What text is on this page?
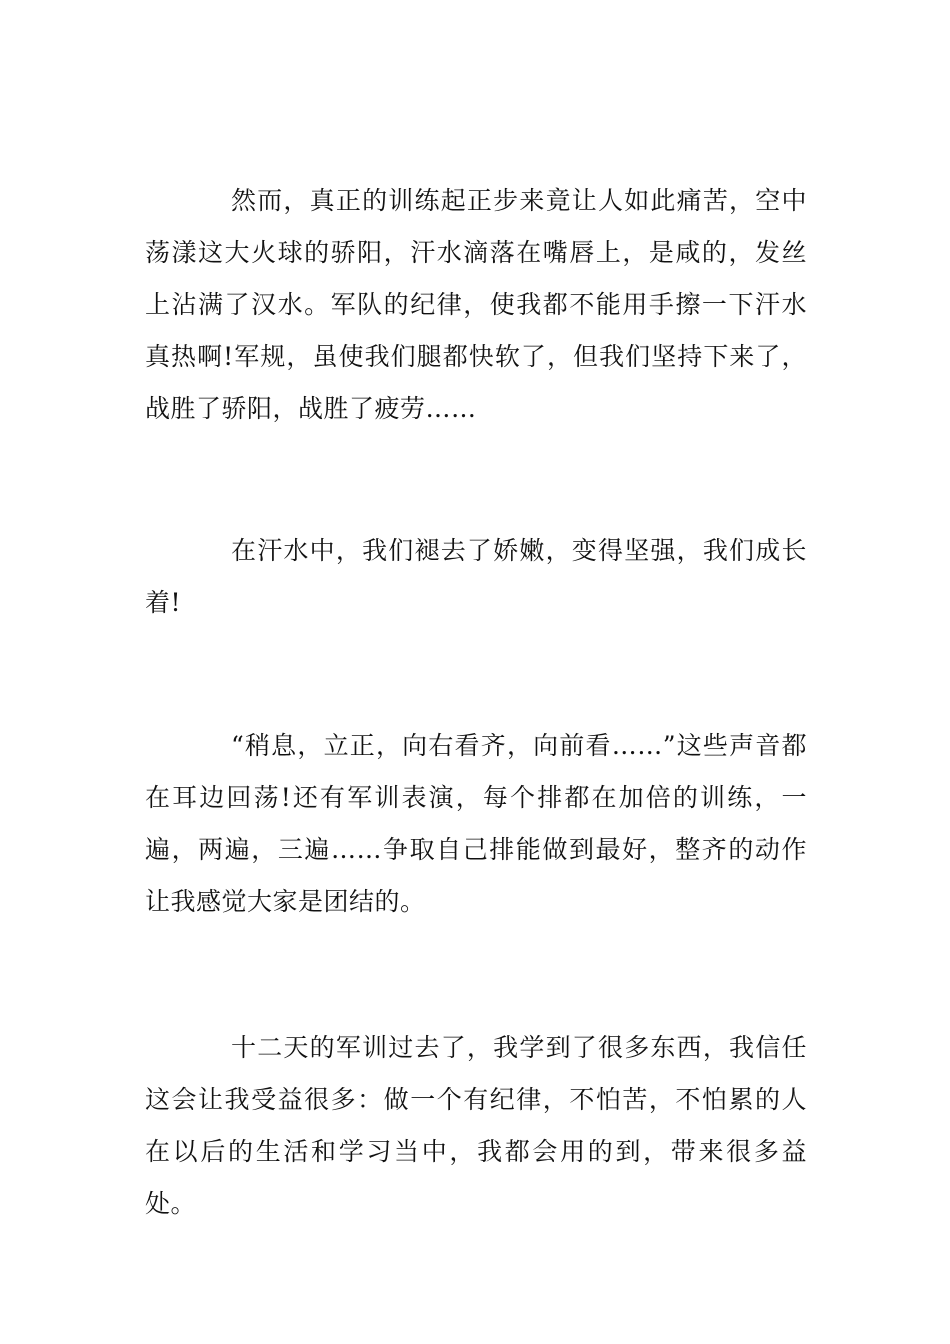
然而，真正的训练起正步来竟让人如此痛苦，空中荡漾这大火球的骄阳，汗水滴落在嘴唇上，是咸的，发丝上沾满了汉水。军队的纪律，使我都不能用手擦一下汗水真热啊!军规，虽使我们腿都快软了，但我们坚持下来了，战胜了骄阳，战胜了疲劳……

在汗水中，我们褪去了娇嫩，变得坚强，我们成长着!

“稍息，立正，向右看齐，向前看……”这些声音都在耳边回荡!还有军训表演，每个排都在加倍的训练，一遍，两遍，三遍……争取自己排能做到最好，整齐的动作让我感觉大家是团结的。

十二天的军训过去了，我学到了很多东西，我信任这会让我受益很多：做一个有纪律，不怕苦，不怕累的人在以后的生活和学习当中，我都会用的到，带来很多益处。
